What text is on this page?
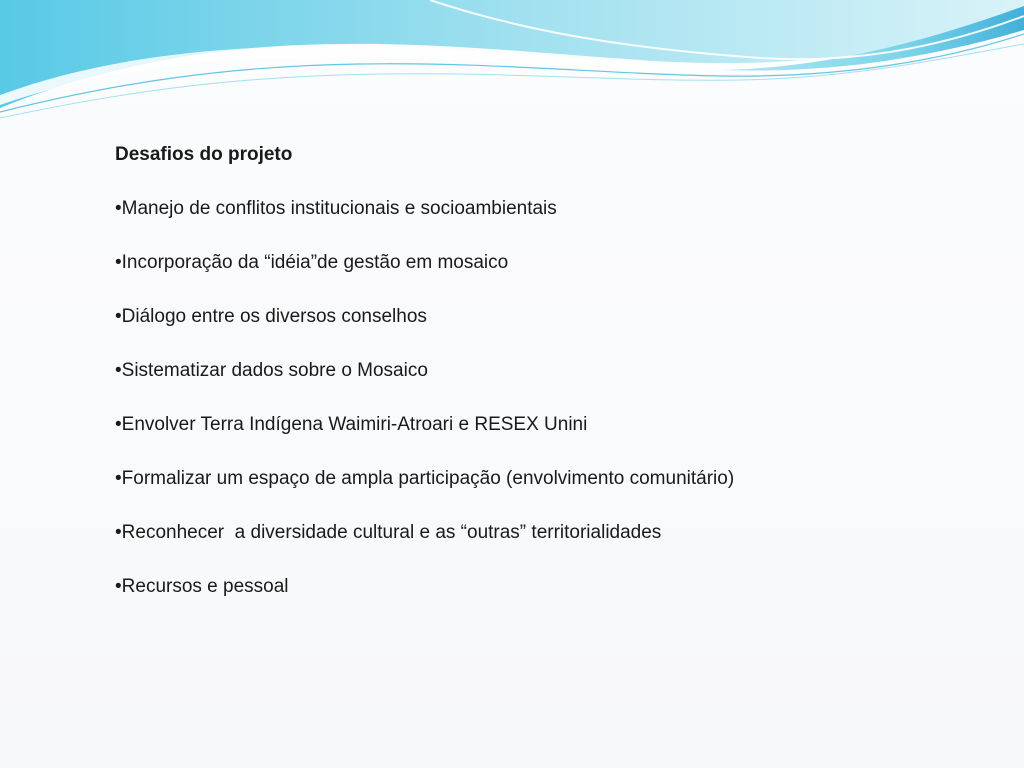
Desafios do projeto
•Manejo de conflitos institucionais e socioambientais
•Incorporação da “idéia”de gestão em mosaico
•Diálogo entre os diversos conselhos
•Sistematizar dados sobre o Mosaico
•Envolver Terra Indígena Waimiri-Atroari e RESEX Unini
•Formalizar um espaço de ampla participação (envolvimento comunitário)
•Reconhecer  a diversidade cultural e as “outras” territorialidades
•Recursos e pessoal
